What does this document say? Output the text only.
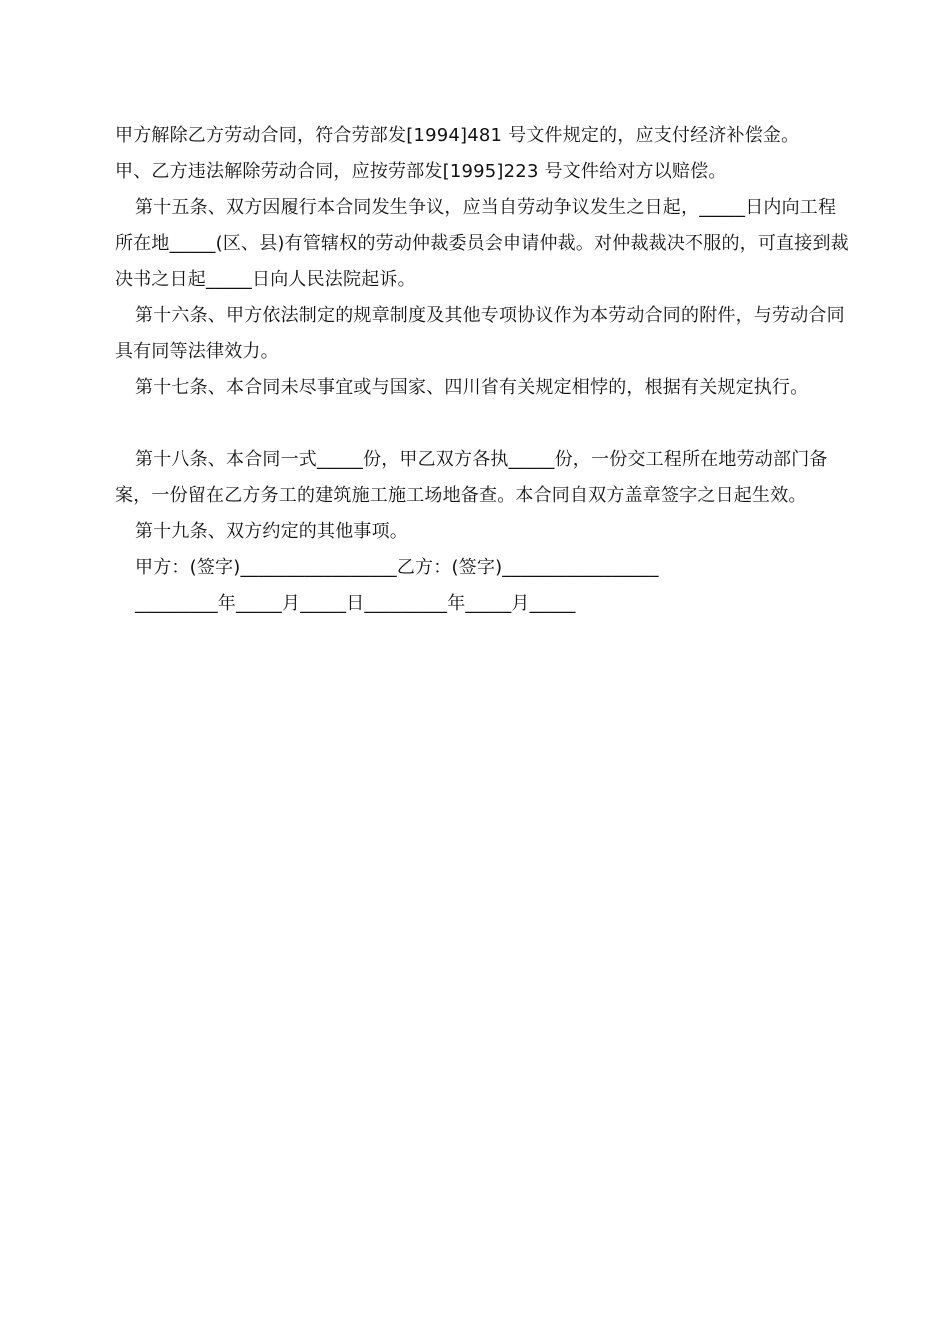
甲方解除乙方劳动合同，符合劳部发[1994]481 号文件规定的，应支付经济补偿金。

甲、乙方违法解除劳动合同，应按劳部发[1995]223 号文件给对方以赔偿。

第十五条、双方因履行本合同发生争议，应当自劳动争议发生之日起，_____日内向工程所在地_____(区、县)有管辖权的劳动仲裁委员会申请仲裁。对仲裁裁决不服的，可直接到裁决书之日起_____日向人民法院起诉。

第十六条、甲方依法制定的规章制度及其他专项协议作为本劳动合同的附件，与劳动合同具有同等法律效力。

第十七条、本合同未尽事宜或与国家、四川省有关规定相悖的，根据有关规定执行。

第十八条、本合同一式_____份，甲乙双方各执_____份，一份交工程所在地劳动部门备案，一份留在乙方务工的建筑施工施工场地备查。本合同自双方盖章签字之日起生效。

第十九条、双方约定的其他事项。

甲方：(签字)_________________乙方：(签字)_________________

_________年_____月_____日_________年_____月_____
